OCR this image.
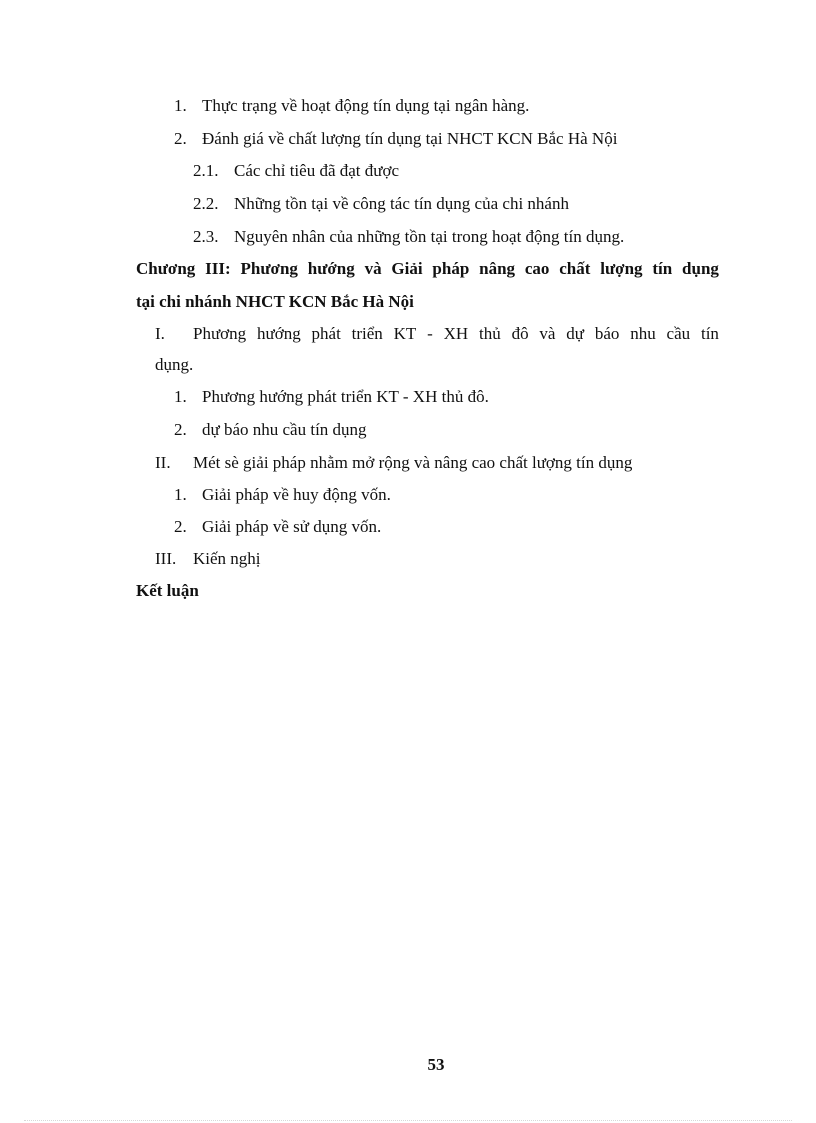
1. Thực trạng về hoạt động tín dụng tại ngân hàng.
2. Đánh giá về chất lượng tín dụng tại NHCT KCN Bắc Hà Nội
2.1. Các chỉ tiêu đã đạt được
2.2. Những tồn tại về công tác tín dụng của chi nhánh
2.3. Nguyên nhân của những tồn tại trong hoạt động tín dụng.
Chương III: Phương hướng và Giải pháp nâng cao chất lượng tín dụng
tại chi nhánh NHCT KCN Bắc Hà Nội
I. Phương hướng phát triển KT - XH thủ đô và dự báo nhu cầu tín
dụng.
1. Phương hướng phát triển KT - XH thủ đô.
2. dự báo nhu cầu tín dụng
II. Mét sè giải pháp nhằm mở rộng và nâng cao chất lượng tín dụng
1. Giải pháp về huy động vốn.
2. Giải pháp về sử dụng vốn.
III. Kiến nghị
Kết luận
53
